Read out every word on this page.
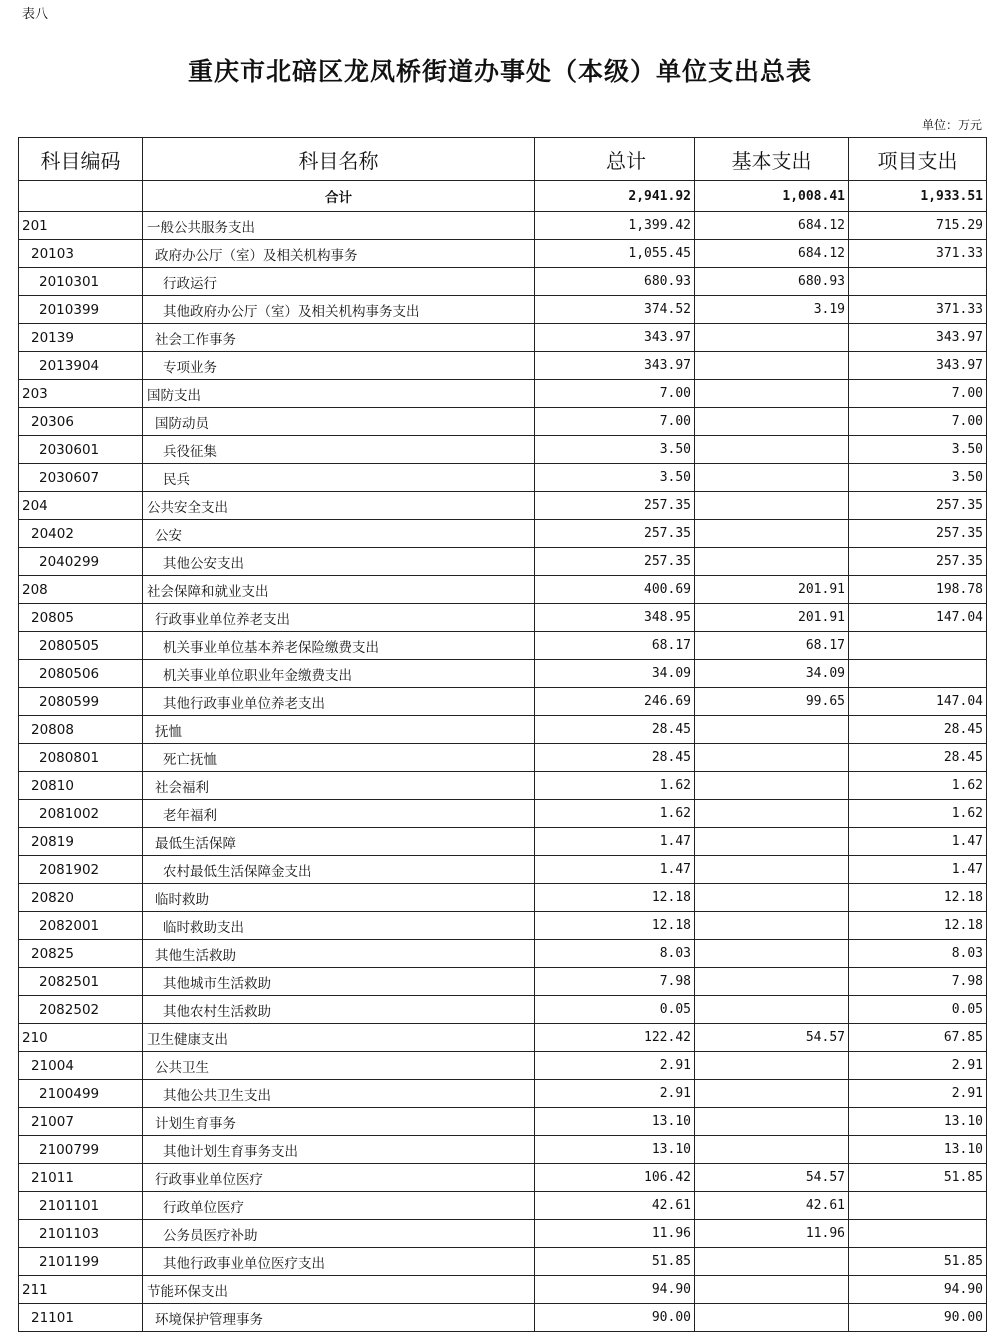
表八
重庆市北碚区龙凤桥街道办事处（本级）单位支出总表
单位：万元
科目编码	科目名称	总计	基本支出	项目支出
	合计	2,941.92	1,008.41	1,933.51
201	一般公共服务支出	1,399.42	684.12	715.29
20103	政府办公厅（室）及相关机构事务	1,055.45	684.12	371.33
2010301	行政运行	680.93	680.93	
2010399	其他政府办公厅（室）及相关机构事务支出	374.52	3.19	371.33
20139	社会工作事务	343.97		343.97
2013904	专项业务	343.97		343.97
203	国防支出	7.00		7.00
20306	国防动员	7.00		7.00
2030601	兵役征集	3.50		3.50
2030607	民兵	3.50		3.50
204	公共安全支出	257.35		257.35
20402	公安	257.35		257.35
2040299	其他公安支出	257.35		257.35
208	社会保障和就业支出	400.69	201.91	198.78
20805	行政事业单位养老支出	348.95	201.91	147.04
2080505	机关事业单位基本养老保险缴费支出	68.17	68.17	
2080506	机关事业单位职业年金缴费支出	34.09	34.09	
2080599	其他行政事业单位养老支出	246.69	99.65	147.04
20808	抚恤	28.45		28.45
2080801	死亡抚恤	28.45		28.45
20810	社会福利	1.62		1.62
2081002	老年福利	1.62		1.62
20819	最低生活保障	1.47		1.47
2081902	农村最低生活保障金支出	1.47		1.47
20820	临时救助	12.18		12.18
2082001	临时救助支出	12.18		12.18
20825	其他生活救助	8.03		8.03
2082501	其他城市生活救助	7.98		7.98
2082502	其他农村生活救助	0.05		0.05
210	卫生健康支出	122.42	54.57	67.85
21004	公共卫生	2.91		2.91
2100499	其他公共卫生支出	2.91		2.91
21007	计划生育事务	13.10		13.10
2100799	其他计划生育事务支出	13.10		13.10
21011	行政事业单位医疗	106.42	54.57	51.85
2101101	行政单位医疗	42.61	42.61	
2101103	公务员医疗补助	11.96	11.96	
2101199	其他行政事业单位医疗支出	51.85		51.85
211	节能环保支出	94.90		94.90
21101	环境保护管理事务	90.00		90.00
